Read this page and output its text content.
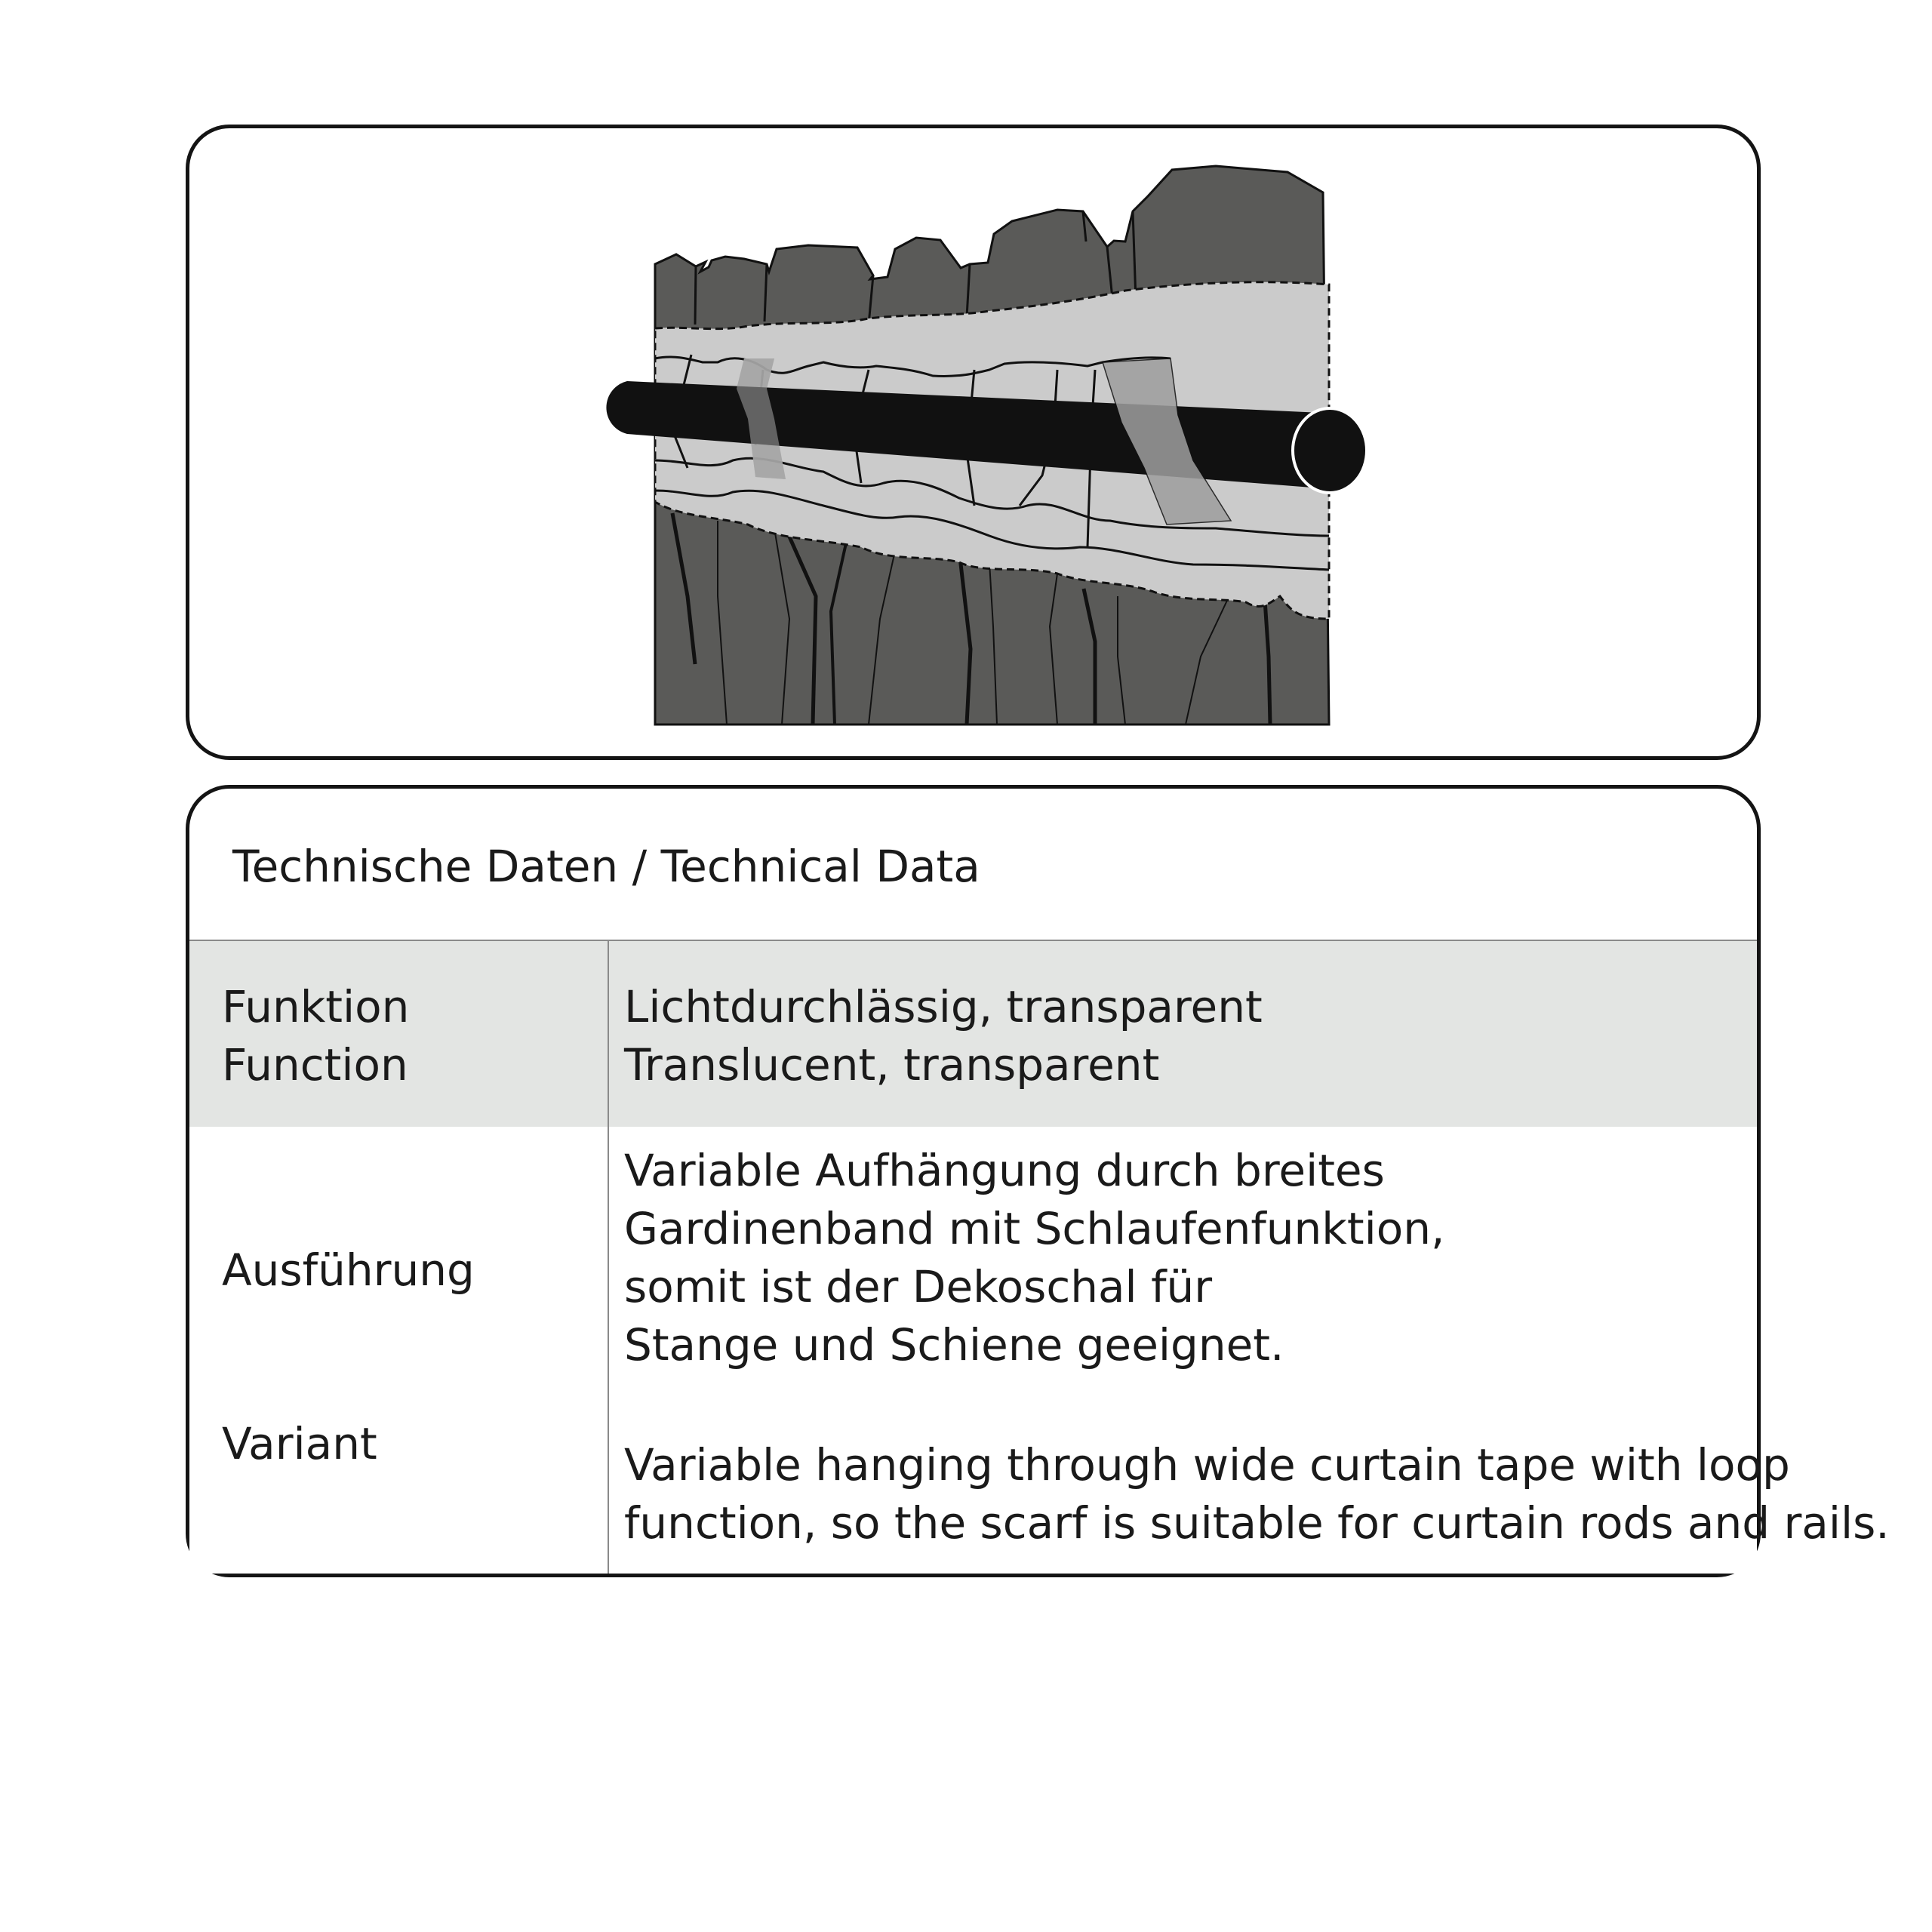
Technische Daten / Technical Data
Funktion
Function
Lichtdurchlässig, transparent
Translucent, transparent
Ausführung
Variant
Variable Aufhängung durch breites
Gardinenband mit Schlaufenfunktion,
somit ist der Dekoschal für
Stange und Schiene geeignet.
Variable hanging through wide curtain tape with loop
function, so the scarf is suitable for curtain rods and rails.
